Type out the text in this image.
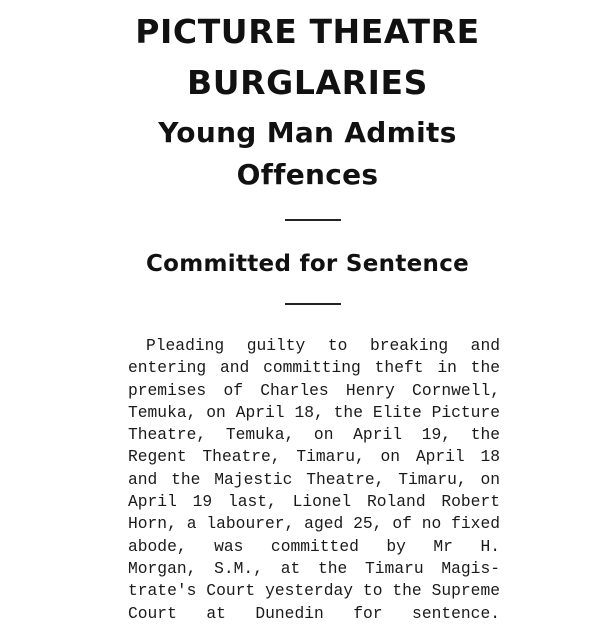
PICTURE THEATRE
BURGLARIES
Young Man Admits
Offences
Committed for Sentence
Pleading guilty to breaking and
entering and committing theft in the
premises of Charles Henry Cornwell,
Temuka, on April 18, the Elite Picture
Theatre, Temuka, on April 19, the
Regent Theatre, Timaru, on April 18
and the Majestic Theatre, Timaru, on
April 19 last, Lionel Roland Robert
Horn, a labourer, aged 25, of no fixed
abode, was committed by Mr H.
Morgan, S.M., at the Timaru Magis-
trate's Court yesterday to the Supreme
Court at Dunedin for sentence.
